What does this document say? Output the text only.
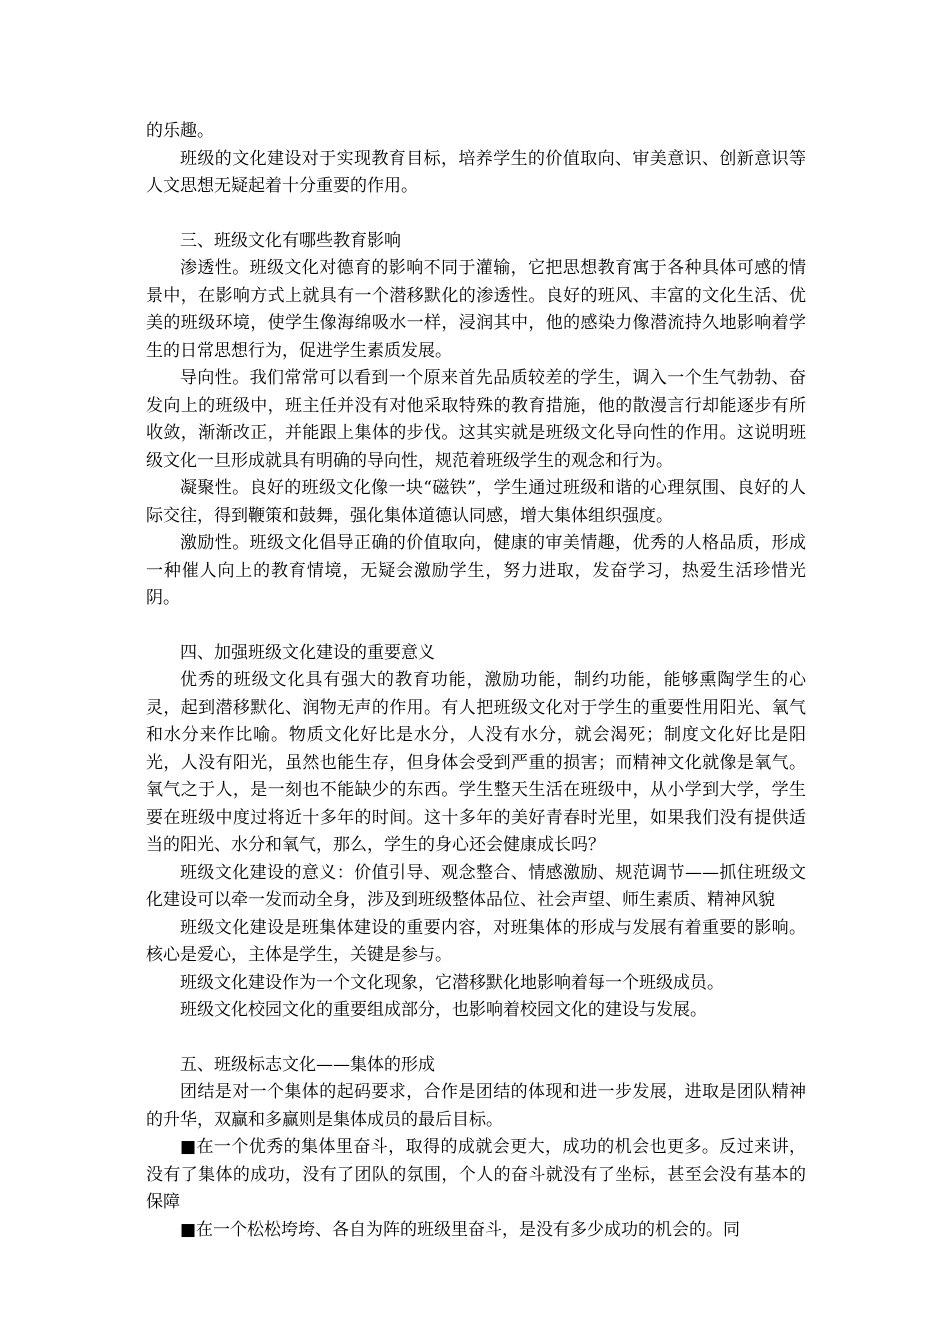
的乐趣。

班级的文化建设对于实现教育目标，培养学生的价值取向、审美意识、创新意识等人文思想无疑起着十分重要的作用。

三、班级文化有哪些教育影响

渗透性。班级文化对德育的影响不同于灌输，它把思想教育寓于各种具体可感的情景中，在影响方式上就具有一个潜移默化的渗透性。良好的班风、丰富的文化生活、优美的班级环境，使学生像海绵吸水一样，浸润其中，他的感染力像潜流持久地影响着学生的日常思想行为，促进学生素质发展。

导向性。我们常常可以看到一个原来首先品质较差的学生，调入一个生气勃勃、奋发向上的班级中，班主任并没有对他采取特殊的教育措施，他的散漫言行却能逐步有所收敛，渐渐改正，并能跟上集体的步伐。这其实就是班级文化导向性的作用。这说明班级文化一旦形成就具有明确的导向性，规范着班级学生的观念和行为。

凝聚性。良好的班级文化像一块“磁铁”，学生通过班级和谐的心理氛围、良好的人际交往，得到鞭策和鼓舞，强化集体道德认同感，增大集体组织强度。

激励性。班级文化倡导正确的价值取向，健康的审美情趣，优秀的人格品质，形成一种催人向上的教育情境，无疑会激励学生，努力进取，发奋学习，热爱生活珍惜光阴。

四、加强班级文化建设的重要意义

优秀的班级文化具有强大的教育功能，激励功能，制约功能，能够熏陶学生的心灵，起到潜移默化、润物无声的作用。有人把班级文化对于学生的重要性用阳光、氧气和水分来作比喻。物质文化好比是水分，人没有水分，就会渴死；制度文化好比是阳光，人没有阳光，虽然也能生存，但身体会受到严重的损害；而精神文化就像是氧气。氧气之于人，是一刻也不能缺少的东西。学生整天生活在班级中，从小学到大学，学生要在班级中度过将近十多年的时间。这十多年的美好青春时光里，如果我们没有提供适当的阳光、水分和氧气，那么，学生的身心还会健康成长吗？

班级文化建设的意义：价值引导、观念整合、情感激励、规范调节——抓住班级文化建设可以牵一发而动全身，涉及到班级整体品位、社会声望、师生素质、精神风貌

班级文化建设是班集体建设的重要内容，对班集体的形成与发展有着重要的影响。核心是爱心，主体是学生，关键是参与。

班级文化建设作为一个文化现象，它潜移默化地影响着每一个班级成员。

班级文化校园文化的重要组成部分，也影响着校园文化的建设与发展。

五、班级标志文化——集体的形成

团结是对一个集体的起码要求，合作是团结的体现和进一步发展，进取是团队精神的升华，双赢和多赢则是集体成员的最后目标。

■在一个优秀的集体里奋斗，取得的成就会更大，成功的机会也更多。反过来讲，没有了集体的成功，没有了团队的氛围，个人的奋斗就没有了坐标，甚至会没有基本的保障

■在一个松松垮垮、各自为阵的班级里奋斗，是没有多少成功的机会的。同
